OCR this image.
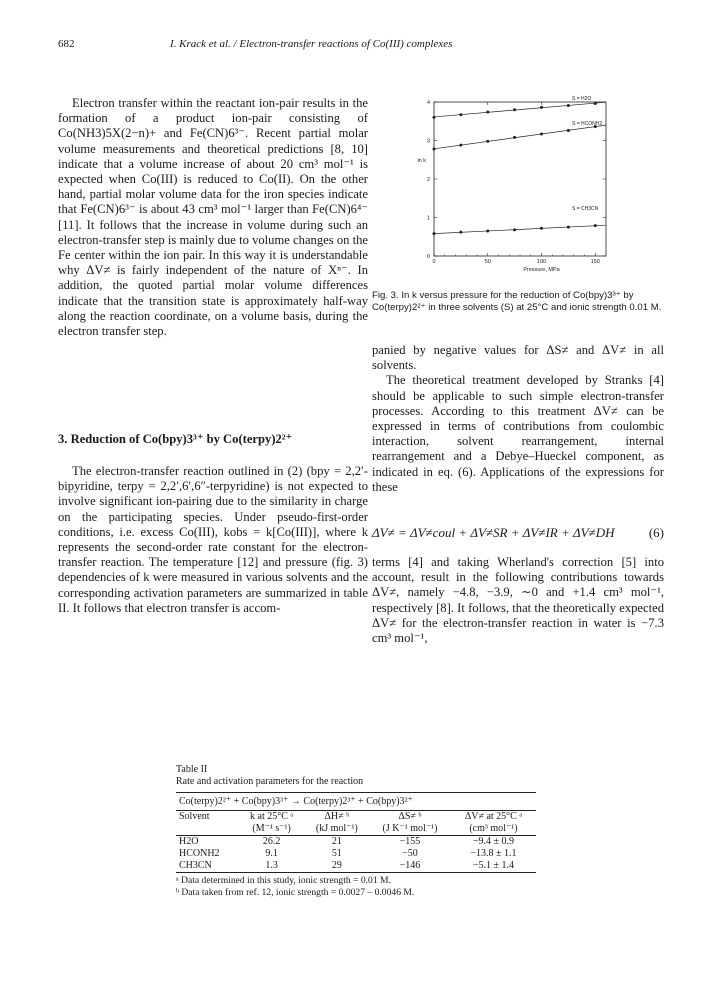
682	I. Krack et al. / Electron-transfer reactions of Co(III) complexes

Electron transfer within the reactant ion-pair results in the formation of a product ion-pair consisting of Co(NH3)5X(2−n)+ and Fe(CN)6³⁻. Recent partial molar volume measurements and theoretical predictions [8, 10] indicate that a volume increase of about 20 cm³ mol⁻¹ is expected when Co(III) is reduced to Co(II). On the other hand, partial molar volume data for the iron species indicate that Fe(CN)6³⁻ is about 43 cm³ mol⁻¹ larger than Fe(CN)6⁴⁻ [11]. It follows that the increase in volume during such an electron-transfer step is mainly due to volume changes on the Fe center within the ion pair. In this way it is understandable why ΔV≠ is fairly independent of the nature of Xⁿ⁻. In addition, the quoted partial molar volume differences indicate that the transition state is approximately half-way along the reaction coordinate, on a volume basis, during the electron transfer step.

3. Reduction of Co(bpy)3³⁺ by Co(terpy)2²⁺

The electron-transfer reaction outlined in (2) (bpy = 2,2′-bipyridine, terpy = 2,2′,6′,6″-terpyridine) is not expected to involve significant ion-pairing due to the similarity in charge on the participating species. Under pseudo-first-order conditions, i.e. excess Co(III), kobs = k[Co(III)], where k represents the second-order rate constant for the electron-transfer reaction. The temperature [12] and pressure (fig. 3) dependencies of k were measured in various solvents and the corresponding activation parameters are summarized in table II. It follows that electron transfer is accom-

0	50	100	150
0
1
2
3
4
Pressure, MPa
ln k
S = H2O
S = HCONH2
S = CH3CN
Fig. 3. In k versus pressure for the reduction of Co(bpy)3³⁺ by Co(terpy)2²⁺ in three solvents (S) at 25°C and ionic strength 0.01 M.

panied by negative values for ΔS≠ and ΔV≠ in all solvents.

The theoretical treatment developed by Stranks [4] should be applicable to such simple electron-transfer processes. According to this treatment ΔV≠ can be expressed in terms of contributions from coulombic interaction, solvent rearrangement, internal rearrangement and a Debye–Hueckel component, as indicated in eq. (6). Applications of the expressions for these

ΔV≠ = ΔV≠coul + ΔV≠SR + ΔV≠IR + ΔV≠DH	(6)

terms [4] and taking Wherland's correction [5] into account, result in the following contributions towards ΔV≠, namely −4.8, −3.9, ∼0 and +1.4 cm³ mol⁻¹, respectively [8]. It follows, that the theoretically expected ΔV≠ for the electron-transfer reaction in water is −7.3 cm³ mol⁻¹,

Table II

Rate and activation parameters for the reaction

Co(terpy)2²⁺ + Co(bpy)3³⁺ → Co(terpy)2³⁺ + Co(bpy)3²⁺				
Solvent	k at 25°C ᵃ	ΔH≠ ᵇ	ΔS≠ ᵇ	ΔV≠ at 25°C ᵃ
	(M⁻¹ s⁻¹)	(kJ mol⁻¹)	(J K⁻¹ mol⁻¹)	(cm³ mol⁻¹)
H2O	26.2	21	−155	−9.4 ± 0.9
HCONH2	9.1	51	−50	−13.8 ± 1.1
CH3CN	1.3	29	−146	−5.1 ± 1.4

ᵃ Data determined in this study, ionic strength = 0.01 M.

ᵇ Data taken from ref. 12, ionic strength = 0.0027 – 0.0046 M.
